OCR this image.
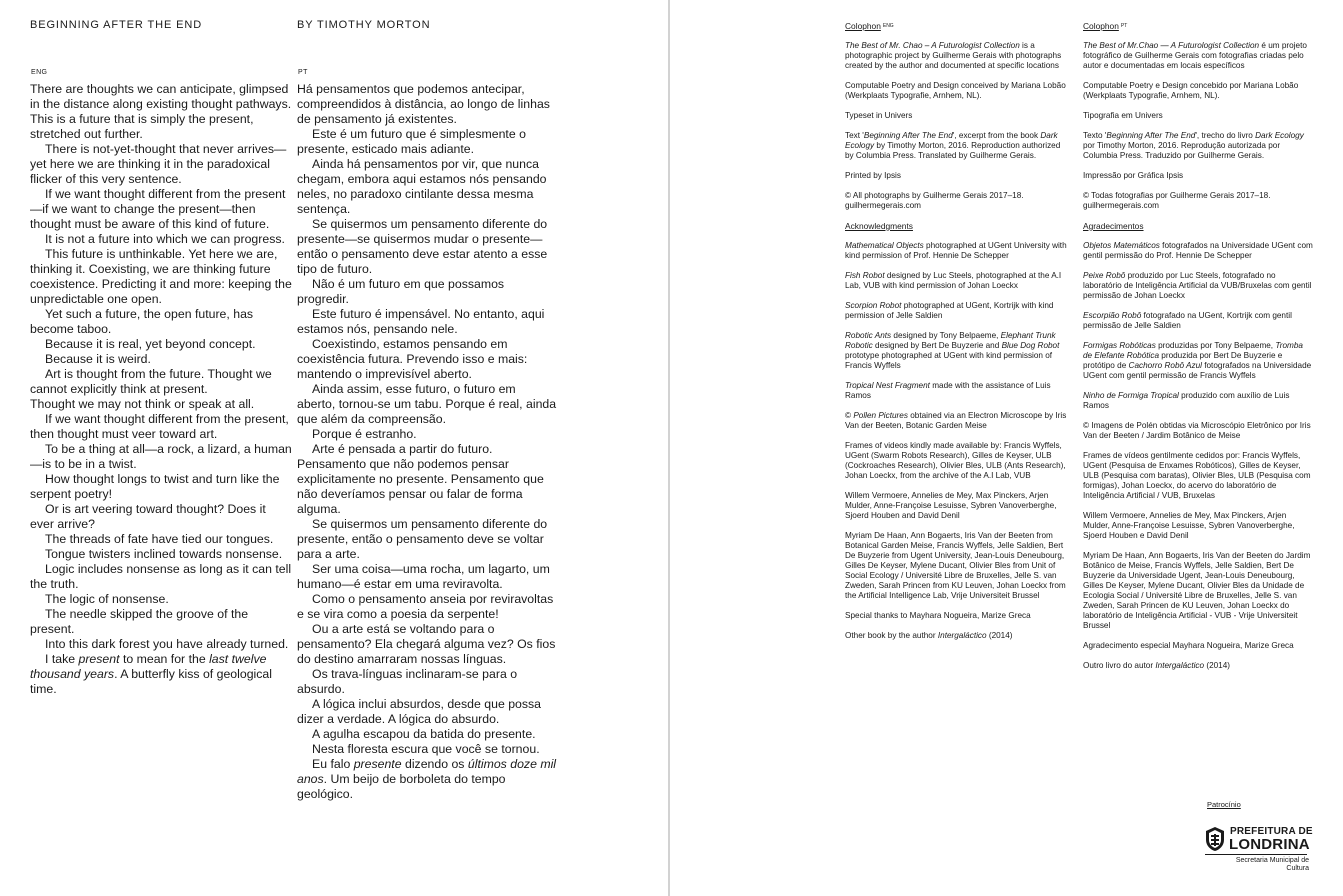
BEGINNING AFTER THE END	BY TIMOTHY MORTON
ENG	PT

There are thoughts we can anticipate, glimpsed in the distance along existing thought pathways.

This is a future that is simply the present, stretched out further.

There is not-yet-thought that never arrives—yet here we are thinking it in the paradoxical flicker of this very sentence.

If we want thought different from the present—if we want to change the present—then thought must be aware of this kind of future.

It is not a future into which we can progress.

This future is unthinkable. Yet here we are, thinking it. Coexisting, we are thinking future coexistence. Predicting it and more: keeping the unpredictable one open.

Yet such a future, the open future, has become taboo.

Because it is real, yet beyond concept.

Because it is weird.

Art is thought from the future. Thought we cannot explicitly think at present.

Thought we may not think or speak at all.

If we want thought different from the present, then thought must veer toward art.

To be a thing at all—a rock, a lizard, a human—is to be in a twist.

How thought longs to twist and turn like the serpent poetry!

Or is art veering toward thought? Does it ever arrive?

The threads of fate have tied our tongues.

Tongue twisters inclined towards nonsense.

Logic includes nonsense as long as it can tell the truth.

The logic of nonsense.

The needle skipped the groove of the present.

Into this dark forest you have already turned.

I take present to mean for the last twelve thousand years. A butterfly kiss of geological time.

Há pensamentos que podemos antecipar, compreendidos à distância, ao longo de linhas de pensamento já existentes.

Este é um futuro que é simplesmente o presente, esticado mais adiante.

Ainda há pensamentos por vir, que nunca chegam, embora aqui estamos nós pensando neles, no paradoxo cintilante dessa mesma sentença.

Se quisermos um pensamento diferente do presente—se quisermos mudar o presente—então o pensamento deve estar atento a esse tipo de futuro.

Não é um futuro em que possamos progredir.

Este futuro é impensável. No entanto, aqui estamos nós, pensando nele.

Coexistindo, estamos pensando em coexistência futura. Prevendo isso e mais: mantendo o imprevisível aberto.

Ainda assim, esse futuro, o futuro em aberto, tornou-se um tabu. Porque é real, ainda que além da compreensão.

Porque é estranho.

Arte é pensada a partir do futuro.

Pensamento que não podemos pensar explicitamente no presente. Pensamento que não deveríamos pensar ou falar de forma alguma.

Se quisermos um pensamento diferente do presente, então o pensamento deve se voltar para a arte.

Ser uma coisa—uma rocha, um lagarto, um humano—é estar em uma reviravolta.

Como o pensamento anseia por reviravoltas e se vira como a poesia da serpente!

Ou a arte está se voltando para o pensamento? Ela chegará alguma vez? Os fios do destino amarraram nossas línguas.

Os trava-línguas inclinaram-se para o absurdo.

A lógica inclui absurdos, desde que possa dizer a verdade. A lógica do absurdo.

A agulha escapou da batida do presente.

Nesta floresta escura que você se tornou.

Eu falo presente dizendo os últimos doze mil anos. Um beijo de borboleta do tempo geológico.

Colophon ENG

The Best of Mr. Chao – A Futurologist Collection is a photographic project by Guilherme Gerais with photographs created by the author and documented at specific locations

Computable Poetry and Design conceived by Mariana Lobão (Werkplaats Typografie, Arnhem, NL).

Typeset in Univers

Text 'Beginning After The End', excerpt from the book Dark Ecology by Timothy Morton, 2016. Reproduction authorized by Columbia Press. Translated by Guilherme Gerais.

Printed by Ipsis

© All photographs by Guilherme Gerais 2017–18. guilhermegerais.com

Acknowledgments

Mathematical Objects photographed at UGent University with kind permission of Prof. Hennie De Schepper

Fish Robot designed by Luc Steels, photographed at the A.I Lab, VUB with kind permission of Johan Loeckx

Scorpion Robot photographed at UGent, Kortrijk with kind permission of Jelle Saldien

Robotic Ants designed by Tony Belpaeme, Elephant Trunk Robotic designed by Bert De Buyzerie and Blue Dog Robot prototype photographed at UGent with kind permission of Francis Wyffels

Tropical Nest Fragment made with the assistance of Luis Ramos

© Pollen Pictures obtained via an Electron Microscope by Iris Van der Beeten, Botanic Garden Meise

Frames of videos kindly made available by: Francis Wyffels, UGent (Swarm Robots Research), Gilles de Keyser, ULB (Cockroaches Research), Olivier Bles, ULB (Ants Research), Johan Loeckx, from the archive of the A.I Lab, VUB

Willem Vermoere, Annelies de Mey, Max Pinckers, Arjen Mulder, Anne-Françoise Lesuisse, Sybren Vanoverberghe, Sjoerd Houben and David Denil

Myriam De Haan, Ann Bogaerts, Iris Van der Beeten from Botanical Garden Meise, Francis Wyffels, Jelle Saldien, Bert De Buyzerie from Ugent University, Jean-Louis Deneubourg, Gilles De Keyser, Mylene Ducant, Olivier Bles from Unit of Social Ecology / Université Libre de Bruxelles, Jelle S. van Zweden, Sarah Princen from KU Leuven, Johan Loeckx from the Artificial Intelligence Lab, Vrije Universiteit Brussel

Special thanks to Mayhara Nogueira, Marize Greca

Other book by the author Intergaláctico (2014)

Colophon PT

The Best of Mr.Chao — A Futurologist Collection é um projeto fotográfico de Guilherme Gerais com fotografias criadas pelo autor e documentadas em locais específicos

Computable Poetry e Design concebido por Mariana Lobão (Werkplaats Typografie, Arnhem, NL).

Tipografia em Univers

Texto 'Beginning After The End', trecho do livro Dark Ecology por Timothy Morton, 2016. Reprodução autorizada por Columbia Press. Traduzido por Guilherme Gerais.

Impressão por Gráfica Ipsis

© Todas fotografias por Guilherme Gerais 2017–18. guilhermegerais.com

Agradecimentos

Objetos Matemáticos fotografados na Universidade UGent com gentil permissão do Prof. Hennie De Schepper

Peixe Robô produzido por Luc Steels, fotografado no laboratório de Inteligência Artificial da VUB/Bruxelas com gentil permissão de Johan Loeckx

Escorpião Robô fotografado na UGent, Kortrijk com gentil permissão de Jelle Saldien

Formigas Robóticas produzidas por Tony Belpaeme, Tromba de Elefante Robótica produzida por Bert De Buyzerie e protótipo de Cachorro Robô Azul fotografados na Universidade UGent com gentil permissão de Francis Wyffels

Ninho de Formiga Tropical produzido com auxílio de Luis Ramos

© Imagens de Polén obtidas via Microscópio Eletrônico por Iris Van der Beeten / Jardim Botânico de Meise

Frames de vídeos gentilmente cedidos por: Francis Wyffels, UGent (Pesquisa de Enxames Robóticos), Gilles de Keyser, ULB (Pesquisa com baratas), Olivier Bles, ULB (Pesquisa com formigas), Johan Loeckx, do acervo do laboratório de Inteligência Artificial / VUB, Bruxelas

Willem Vermoere, Annelies de Mey, Max Pinckers, Arjen Mulder, Anne-Françoise Lesuisse, Sybren Vanoverberghe, Sjoerd Houben e David Denil

Myriam De Haan, Ann Bogaerts, Iris Van der Beeten do Jardim Botânico de Meise, Francis Wyffels, Jelle Saldien, Bert De Buyzerie da Universidade Ugent, Jean-Louis Deneubourg, Gilles De Keyser, Mylene Ducant, Olivier Bles da Unidade de Ecologia Social / Université Libre de Bruxelles, Jelle S. van Zweden, Sarah Princen de KU Leuven, Johan Loeckx do laboratório de Inteligência Artificial - VUB - Vrije Universiteit Brussel

Agradecimento especial Mayhara Nogueira, Marize Greca

Outro livro do autor Intergaláctico (2014)

Patrocínio
PREFEITURA DE
LONDRINA
Secretaria Municipal de Cultura
